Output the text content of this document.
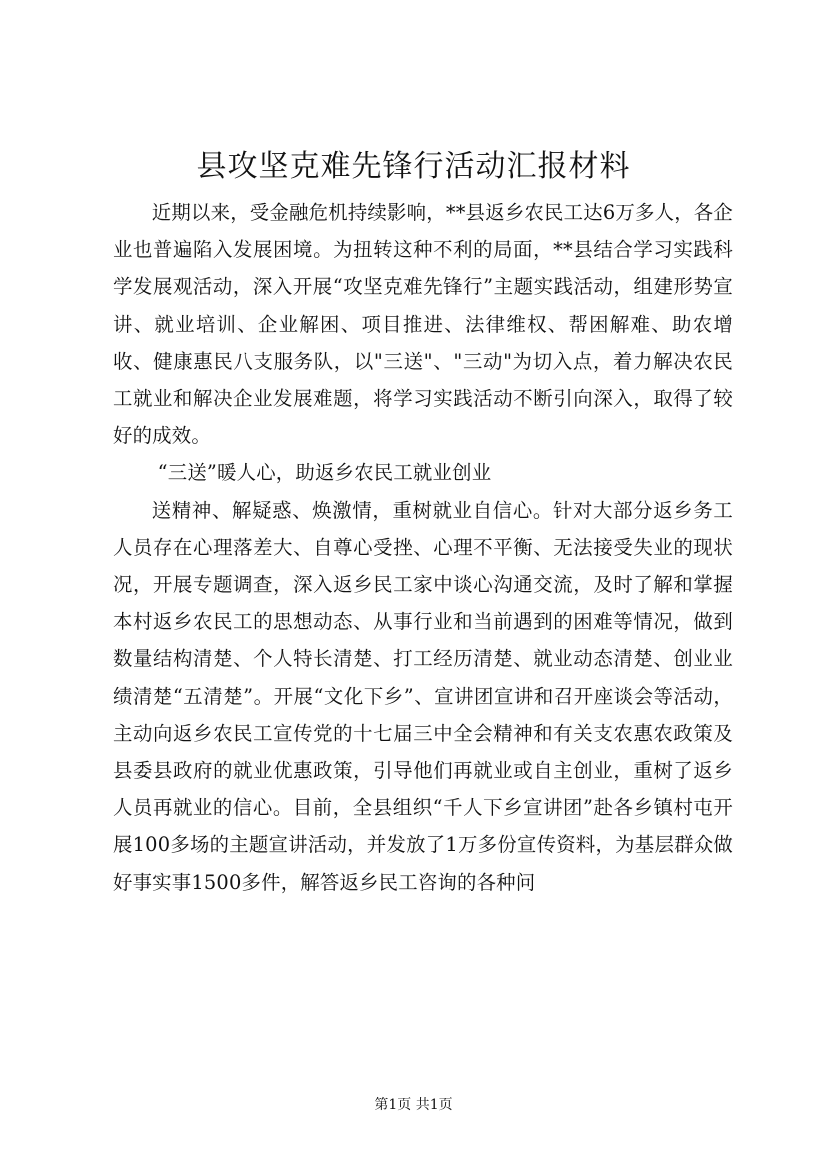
县攻坚克难先锋行活动汇报材料

近期以来，受金融危机持续影响，**县返乡农民工达6万多人，各企业也普遍陷入发展困境。为扭转这种不利的局面，**县结合学习实践科学发展观活动，深入开展“攻坚克难先锋行”主题实践活动，组建形势宣讲、就业培训、企业解困、项目推进、法律维权、帮困解难、助农增收、健康惠民八支服务队，以"三送"、"三动"为切入点，着力解决农民工就业和解决企业发展难题，将学习实践活动不断引向深入，取得了较好的成效。

“三送”暖人心，助返乡农民工就业创业

送精神、解疑惑、焕激情，重树就业自信心。针对大部分返乡务工人员存在心理落差大、自尊心受挫、心理不平衡、无法接受失业的现状况，开展专题调查，深入返乡民工家中谈心沟通交流，及时了解和掌握本村返乡农民工的思想动态、从事行业和当前遇到的困难等情况，做到数量结构清楚、个人特长清楚、打工经历清楚、就业动态清楚、创业业绩清楚“五清楚”。开展“文化下乡”、宣讲团宣讲和召开座谈会等活动，主动向返乡农民工宣传党的十七届三中全会精神和有关支农惠农政策及县委县政府的就业优惠政策，引导他们再就业或自主创业，重树了返乡人员再就业的信心。目前，全县组织“千人下乡宣讲团”赴各乡镇村屯开展100多场的主题宣讲活动，并发放了1万多份宣传资料，为基层群众做好事实事1500多件，解答返乡民工咨询的各种问

第1页 共1页
